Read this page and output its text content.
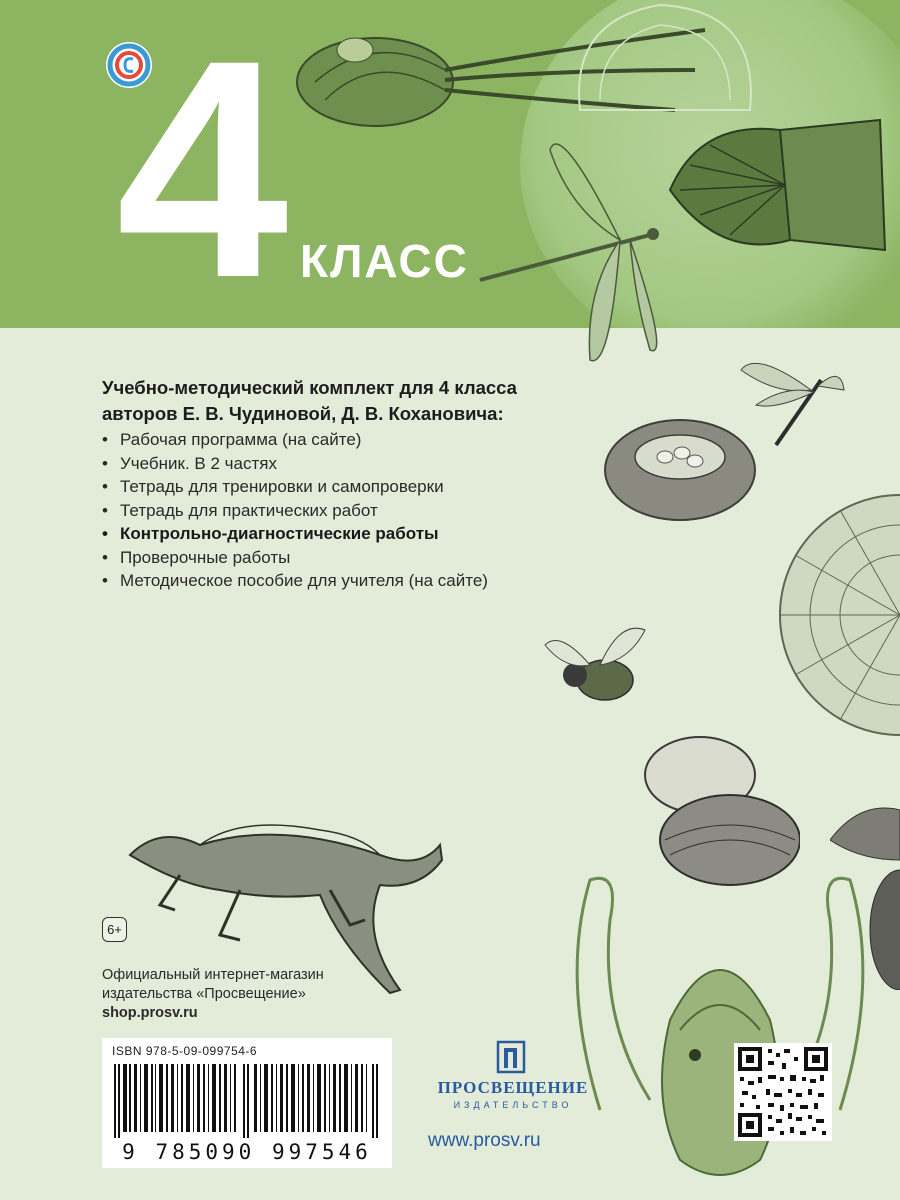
4 КЛАСС
Учебно-методический комплект для 4 класса
авторов Е. В. Чудиновой, Д. В. Кохановича:
• Рабочая программа (на сайте)
• Учебник. В 2 частях
• Тетрадь для тренировки и самопроверки
• Тетрадь для практических работ
• Контрольно-диагностические работы
• Проверочные работы
• Методическое пособие для учителя (на сайте)
6+
Официальный интернет-магазин
издательства «Просвещение»
shop.prosv.ru
ISBN 978-5-09-099754-6
9 785090 997546
ПРОСВЕЩЕНИЕ
ИЗДАТЕЛЬСТВО
www.prosv.ru
